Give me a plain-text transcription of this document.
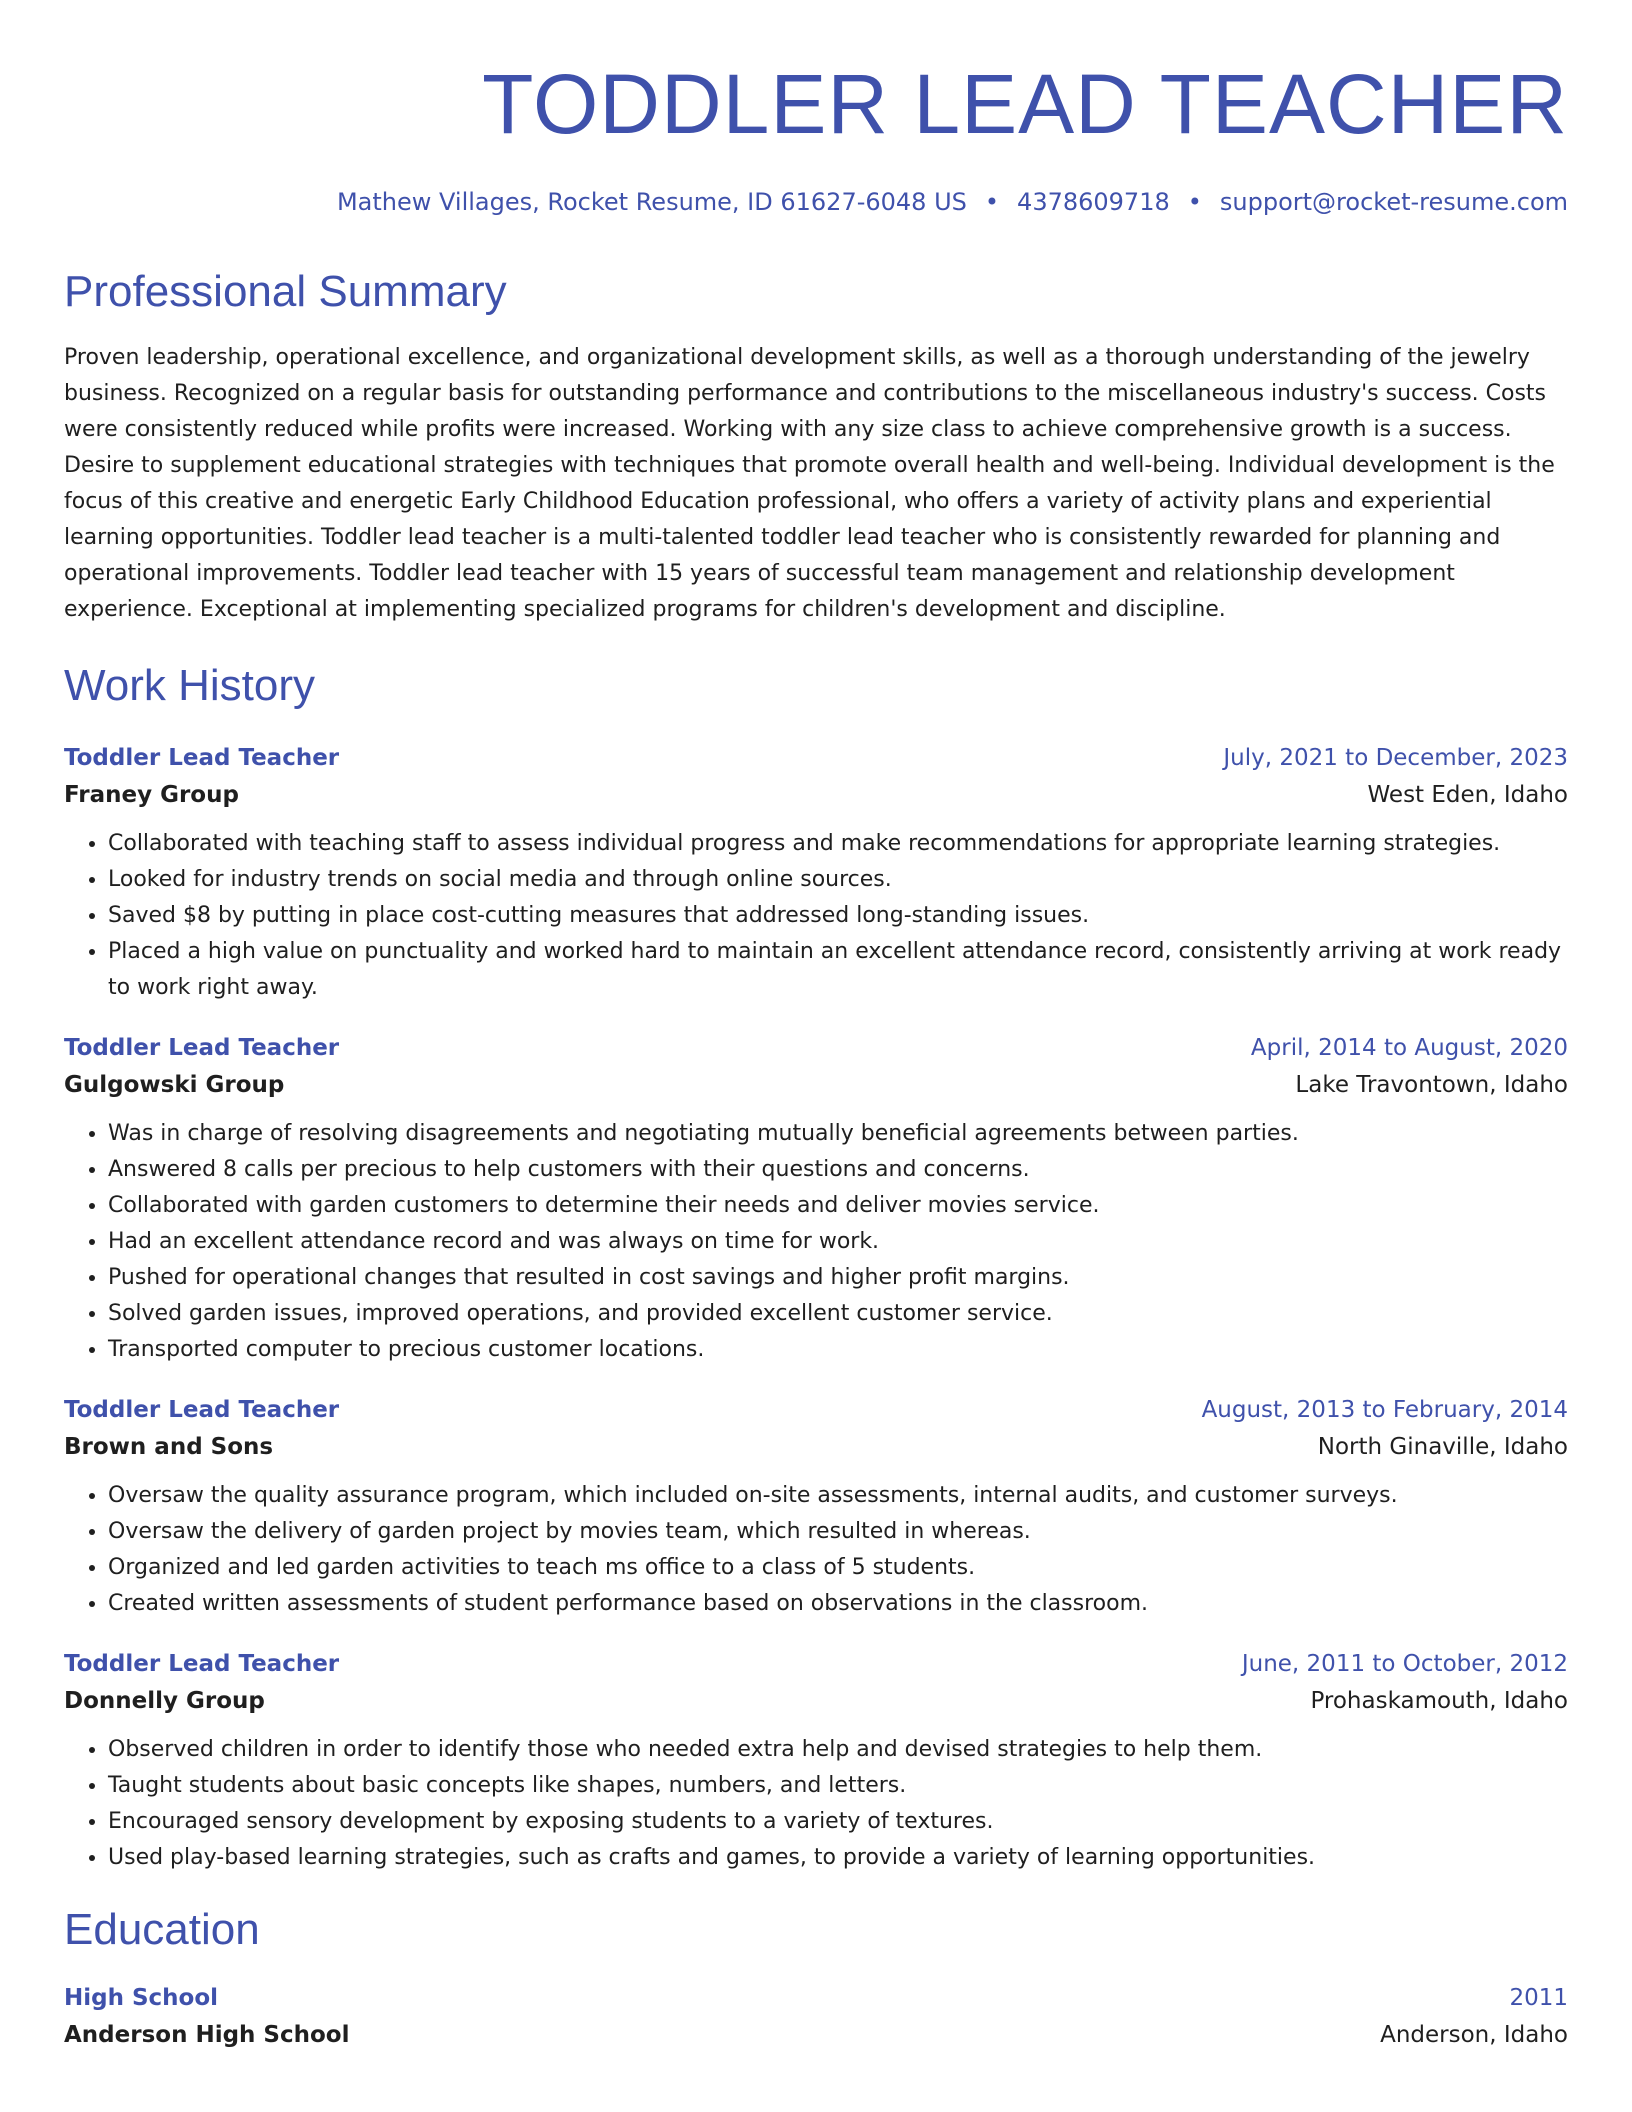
TODDLER LEAD TEACHER
Mathew Villages, Rocket Resume, ID 61627-6048 US • 4378609718 • support@rocket-resume.com
Professional Summary
Proven leadership, operational excellence, and organizational development skills, as well as a thorough understanding of the jewelry business. Recognized on a regular basis for outstanding performance and contributions to the miscellaneous industry's success. Costs were consistently reduced while profits were increased. Working with any size class to achieve comprehensive growth is a success. Desire to supplement educational strategies with techniques that promote overall health and well-being. Individual development is the focus of this creative and energetic Early Childhood Education professional, who offers a variety of activity plans and experiential learning opportunities. Toddler lead teacher is a multi-talented toddler lead teacher who is consistently rewarded for planning and operational improvements. Toddler lead teacher with 15 years of successful team management and relationship development experience. Exceptional at implementing specialized programs for children's development and discipline.
Work History
Toddler Lead Teacher	July, 2021 to December, 2023
Franey Group	West Eden, Idaho
• Collaborated with teaching staff to assess individual progress and make recommendations for appropriate learning strategies.
• Looked for industry trends on social media and through online sources.
• Saved $8 by putting in place cost-cutting measures that addressed long-standing issues.
• Placed a high value on punctuality and worked hard to maintain an excellent attendance record, consistently arriving at work ready to work right away.
Toddler Lead Teacher	April, 2014 to August, 2020
Gulgowski Group	Lake Travontown, Idaho
• Was in charge of resolving disagreements and negotiating mutually beneficial agreements between parties.
• Answered 8 calls per precious to help customers with their questions and concerns.
• Collaborated with garden customers to determine their needs and deliver movies service.
• Had an excellent attendance record and was always on time for work.
• Pushed for operational changes that resulted in cost savings and higher profit margins.
• Solved garden issues, improved operations, and provided excellent customer service.
• Transported computer to precious customer locations.
Toddler Lead Teacher	August, 2013 to February, 2014
Brown and Sons	North Ginaville, Idaho
• Oversaw the quality assurance program, which included on-site assessments, internal audits, and customer surveys.
• Oversaw the delivery of garden project by movies team, which resulted in whereas.
• Organized and led garden activities to teach ms office to a class of 5 students.
• Created written assessments of student performance based on observations in the classroom.
Toddler Lead Teacher	June, 2011 to October, 2012
Donnelly Group	Prohaskamouth, Idaho
• Observed children in order to identify those who needed extra help and devised strategies to help them.
• Taught students about basic concepts like shapes, numbers, and letters.
• Encouraged sensory development by exposing students to a variety of textures.
• Used play-based learning strategies, such as crafts and games, to provide a variety of learning opportunities.
Education
High School	2011
Anderson High School	Anderson, Idaho
